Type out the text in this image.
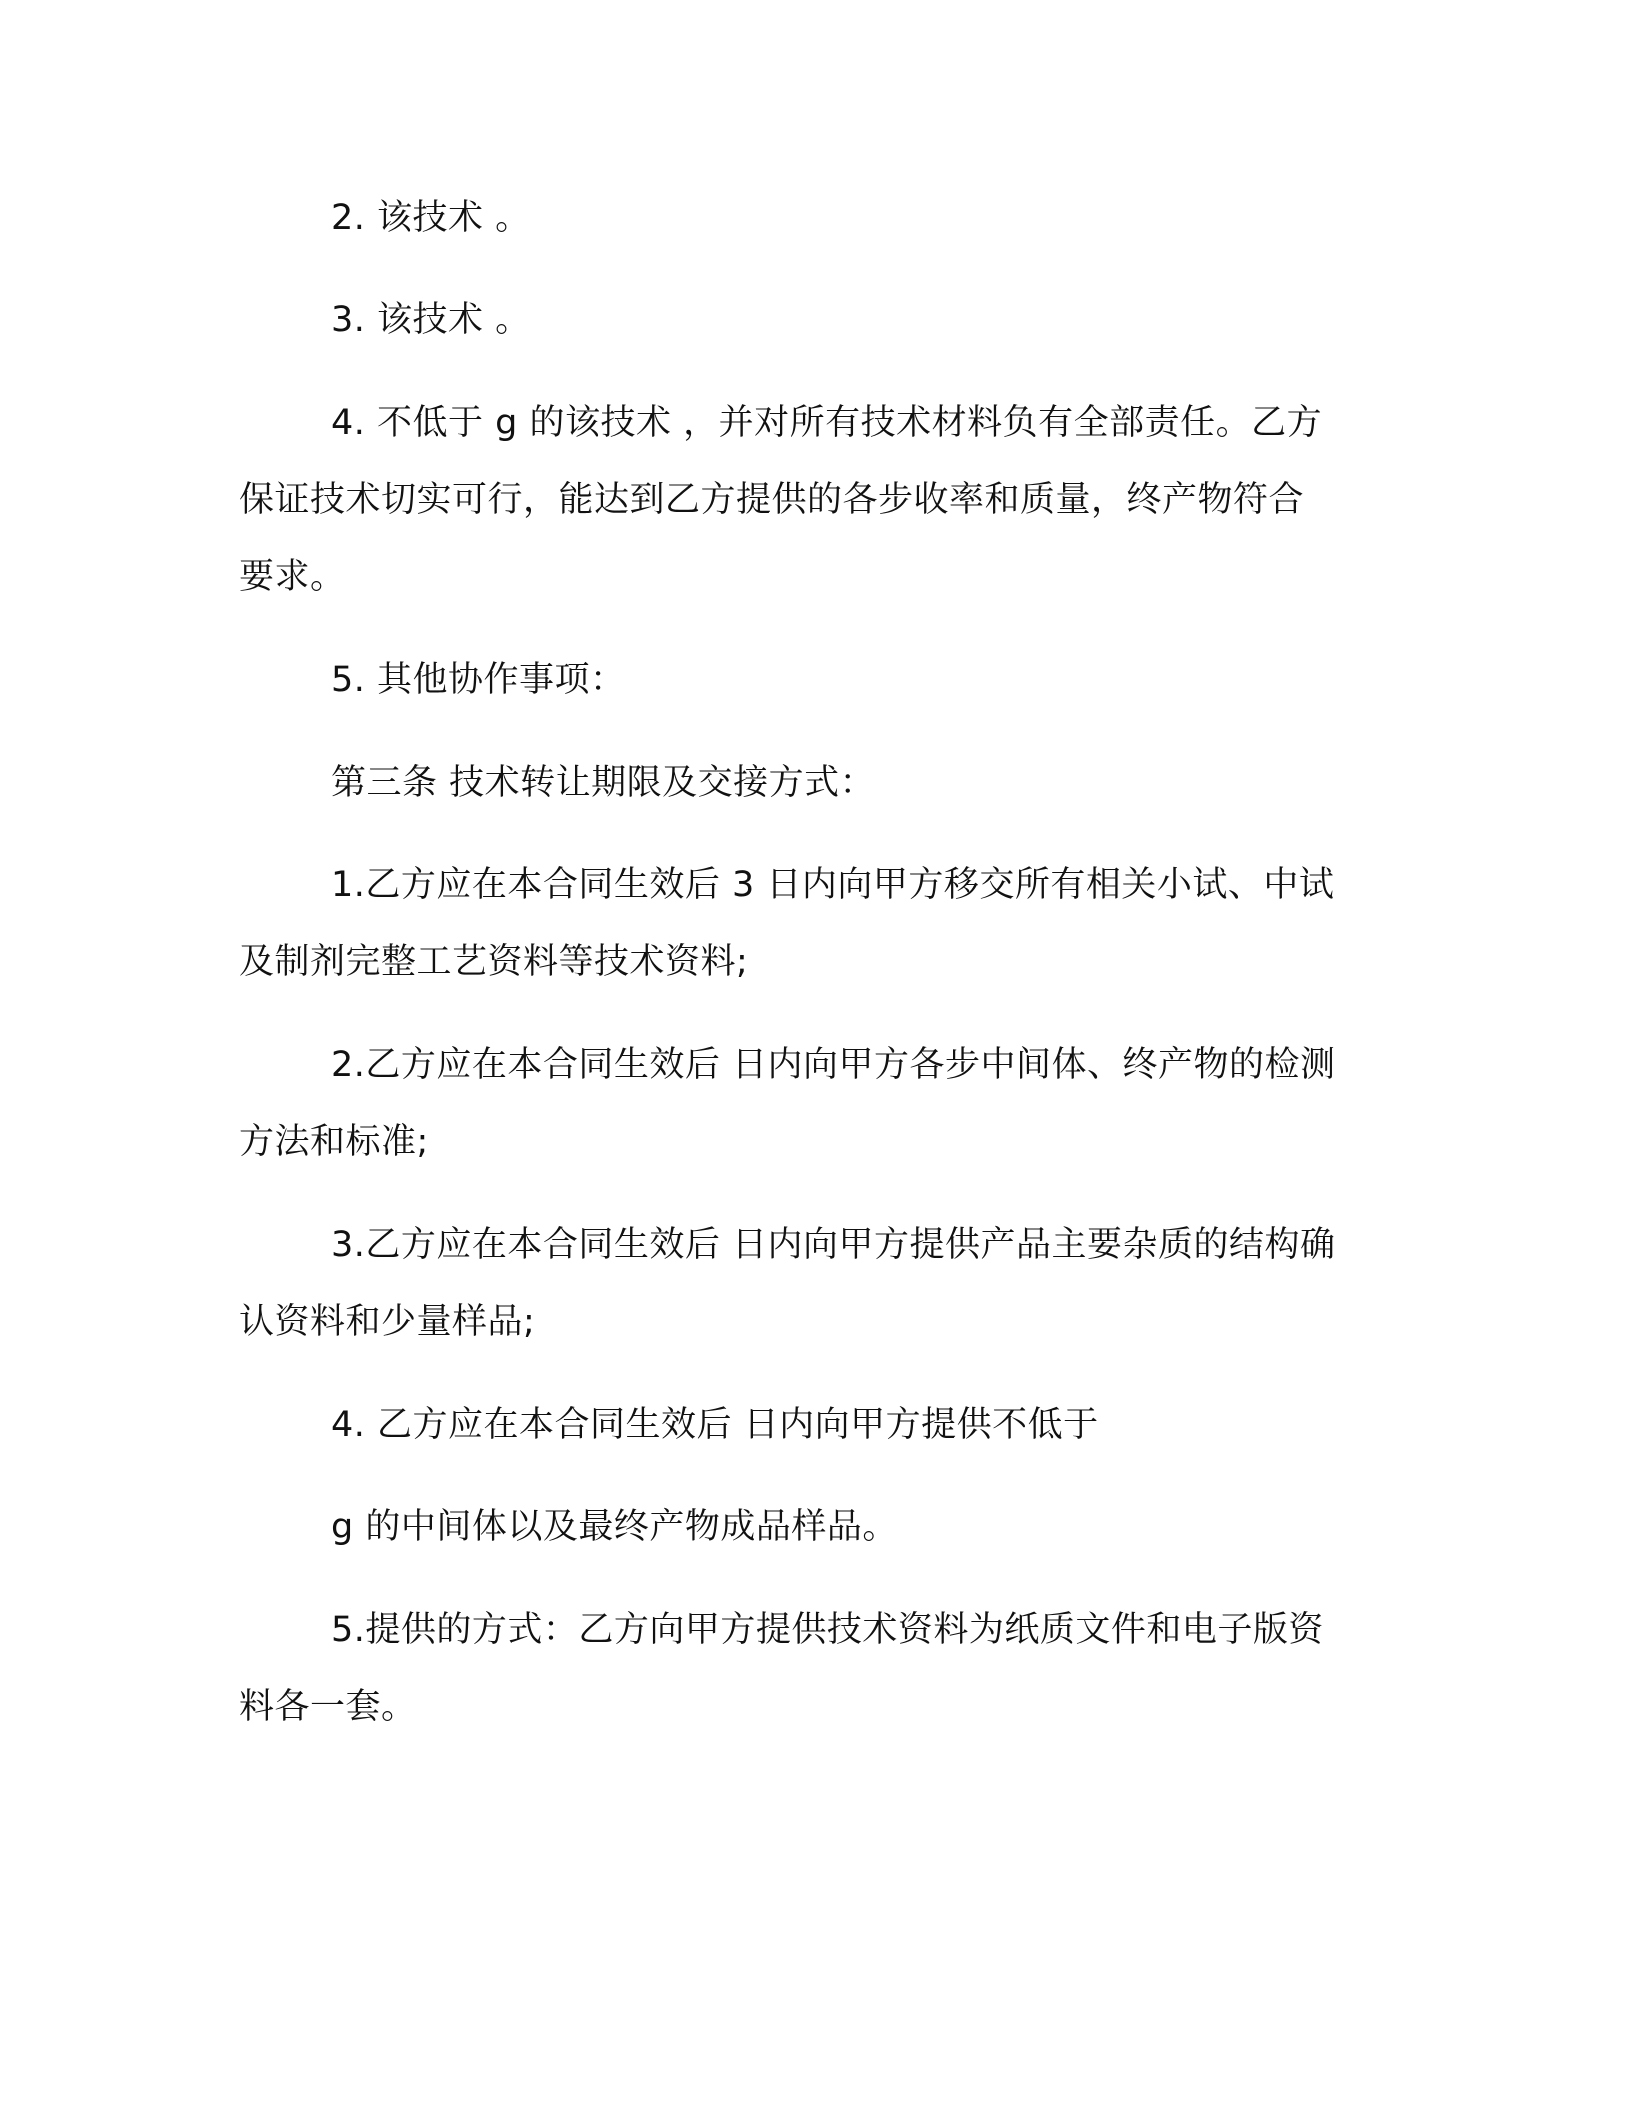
2. 该技术 。
3. 该技术 。
4. 不低于 g 的该技术 ，并对所有技术材料负有全部责任。乙方
保证技术切实可行，能达到乙方提供的各步收率和质量，终产物符合
要求。
5. 其他协作事项：
第三条 技术转让期限及交接方式：
1.乙方应在本合同生效后 3 日内向甲方移交所有相关小试、中试
及制剂完整工艺资料等技术资料;
2.乙方应在本合同生效后 日内向甲方各步中间体、终产物的检测
方法和标准;
3.乙方应在本合同生效后 日内向甲方提供产品主要杂质的结构确
认资料和少量样品;
4. 乙方应在本合同生效后 日内向甲方提供不低于
g 的中间体以及最终产物成品样品。
5.提供的方式：乙方向甲方提供技术资料为纸质文件和电子版资
料各一套。
